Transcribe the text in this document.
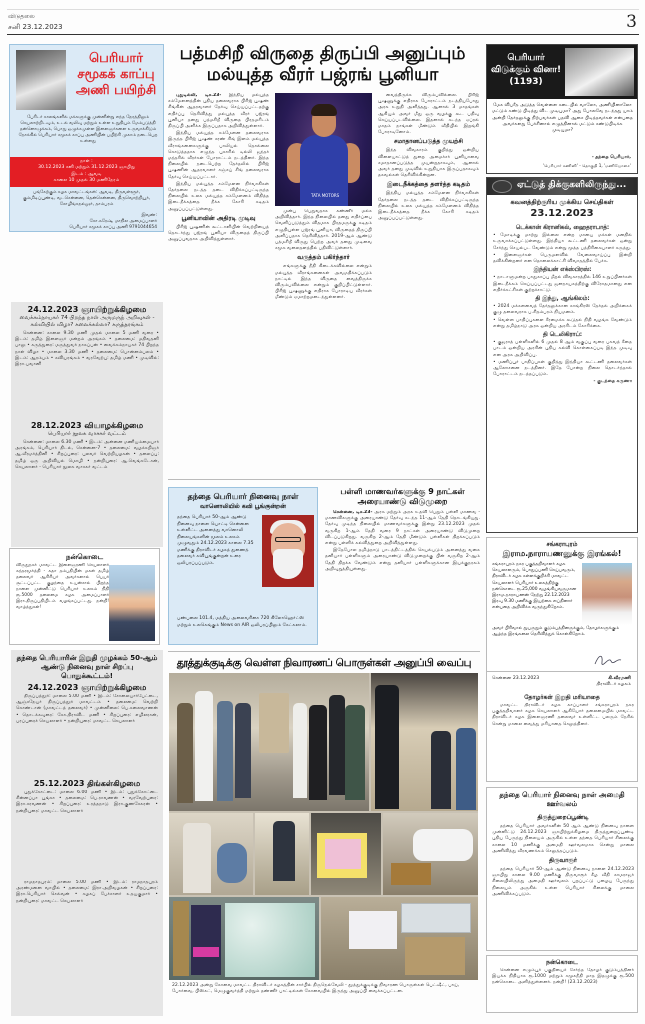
விடுதலை
சனி 23.12.2023	3
பெரியார் சமூகக் காப்பு அணி பயிற்சி
பேரிடர் காலங்களில் மக்களுக்கு முன்னின்று எந்த நேரத்திலும் செயலாற்றிடவும், உடல் வலிவு மற்றும் உள்ள உறுதியும் மேம்படுத்தி தன்னொழுக்கம், பொது ஒழுக்கமுள்ள இளைஞர்களை உருவாக்கிடும் நோக்கில் பெரியார் சமூகக் காப்பு அணியின் பயிற்சி முகாம் நடைபெற உள்ளது
நாள் :
30.12.2023 சனி மற்றும் 31.12.2023 ஞாயிறு
இடம் : ஆவடி
காலை 10 முதல் 30 மணிநேரம்
பங்கேற்கும் கழக மாவட்டங்கள்: ஆவடி, திருவள்ளூர், கும்மிடிப்பூண்டி, வடசென்னை, தென்சென்னை, திருவொற்றியூர், சோழிங்கநல்லூர், தாம்பரம்
இவண்:
சோ.சுரேஷ், மாநில அமைப்பாளர்
பெரியார் சமூகக் காப்பு அணி 9791044654
24.12.2023 ஞாயிற்றுக்கிழமை
வைக்கம்நாயகர் 74 பிறந்த நாள் அருமருந் அறிவுகள் - கல்வியில் விழா? கலைக்கல்லா? கருத்தரங்கம்

சென்னை: காலை 9.30 மணி முதல் மாலை 5 மணி வரை • இடம்: தமிழ் இளைஞர் மன்றம் அரங்கம் • தலைமை: மதிவதனி பாலு • கருத்துரை: மருத்துவர் நாகப்பன் • வைக்கம்நாயகர் 74 பிறந்த நாள் விழா • மாலை 3.30 மணி • தலைமை: பொன்னம்பலம் • இடம்: ஆரம்பம் • கவியரங்கம் • வரவேற்பு: தமிழ் மணி • முடிவில்: இரா.பவானி

28.12.2023 வியாழக்கிழமை
பெரியார் நூலக வாசகர் வட்டம்

சென்னை: மாலை 6.30 மணி • இடம்: அன்னை மணியம்மையார் அரங்கம், பெரியார் திடல், சென்னை-7 • தலைமை: வழக்கறிஞர் ஆ.வீரமர்த்தினி • சிறப்புரை: புலவர் வெற்றியழகன் • தலைப்பு: தமிழ் ஒரு அறிவியல் மொழி • நன்றியுரை: ஆ.வெங்கடேசன், செயலாளர் - பெரியார் நூலக வாசகர் வட்டம்

நன்கொடை
விருதுநகர் மாவட்ட இளைஞரணி செயலாளர் சுந்தரமூர்த்தி - சுதா தம்பதியின் மகள் தமிழ் தலைவர் ஆசிரியர் அவர்களால் பெயர் சூட்டப்பட்ட குழந்தை உயன்சால் பிறந்த நாளை முன்னிட்டு பெரியார் உலகம் நிதி ரூ.5000 தலைமை கழக அமைப்பாளர் இரா.திருப்பதியிடம் வழங்கப்பட்டது. நன்றி! வாழ்த்துகள்!
தந்தை பெரியாரின் இறுதி முழக்கம் 50-ஆம் ஆண்டு நினைவு நாள் சிறப்பு பொதுக்கூட்டம்!
24.12.2023 ஞாயிற்றுக்கிழமை

திருப்பத்தூர்: மாலை 5.00 மணி • இடம்: சோலையார்பேட்டை, ஆஞ்சநேயர் திருப்பத்தூர் மாவட்டம் • தலைமை: வெற்றி கொண்டான் (மாவட்டத் தலைவர்) • முன்னிலை: பெ.கலைவாணன் • தொடக்கவுரை: கோ.திராவிட மணி • சிறப்புரை: எழிலரசன், பரப்புரைச் செயலாளர் • நன்றியுரை: மாவட்ட செயலாளர்

25.12.2023 திங்கள்கிழமை

புதுக்கோட்டை: மாலை 6.00 மணி • இடம்: புதுக்கோட்டை சின்னப்பா பூங்கா • தலைமை: பெ.ராவணன் • வரவேற்புரை: இரா.சரவணன் • சிறப்புரை: உரத்தநாடு இரா.குணசேகரன் • நன்றியுரை: மாவட்ட செயலாளர்

ராமநாதபுரம்: மாலை 5.00 மணி • இடம்: ராமநாதபுரம் அரண்மனை வாயில் • தலைமை: இரா.அறிவழகன் • சிறப்புரை: இரா.பெரியார் செல்வன் • கழகப் பேச்சாளர் உதயகுமார் • நன்றியுரை: மாவட்ட செயலாளர்

பத்மசிறீ விருதை திருப்பி அனுப்பும் மல்யுத்த வீரர் பஜ்ரங் பூனியா

புதுடில்லி, டிச.23- இந்திய மல்யுத்த சம்மேளனத்தின் புதிய தலைவராக பிரிஜ் பூஷண் சிங்கின் ஆதரவாளர் தேர்வு செய்யப்பட்டதற்கு எதிர்ப்பு தெரிவித்து மல்யுத்த வீரர் பஜ்ரங் பூனியா தனது பத்மசிறீ விருதை பிரதமரிடம் திருப்பி அளிக்க இருப்பதாக அறிவித்துள்ளார்.

இந்திய மல்யுத்த சம்மேளன தலைவராக இருந்த பிரிஜ் பூஷண் சரண் சிங் இளம் மல்யுத்த வீராங்கனைகளுக்கு பாலியல் தொல்லை கொடுத்ததாக எழுந்த புகாரில் டில்லி ஜந்தர் மந்தரில் வீரர்கள் போராட்டம் நடத்தினர். இந்த நிலையில் நடைபெற்ற தேர்தலில் பிரிஜ் பூஷணின் ஆதரவாளர் சஞ்சய் சிங் தலைவராக தேர்வு செய்யப்பட்டார்.

இந்திய மல்யுத்த சம்மேளன நிர்வாகிகள் தேர்தலை நடத்த தடை விதிக்கப்பட்டிருந்த நிலையில் உலக மல்யுத்த சம்மேளனம் விதித்த இடைநீக்கத்தை நீக்க கோரி கடிதம் அனுப்பப்பட்டுள்ளது.

பூனியாவின் அதிரடி முடிவு

பிரிஜ் பூஷணின் கூட்டாளியின் வெற்றியைத் தொடர்ந்து பஜ்ரங் பூனியா விருதைத் திருப்பி அனுப்புவதாக அறிவித்துள்ளார்.

TATA MOTORS

முன்பு பெறுவதாக கண்ணீர் மல்க அறிவித்தார். இந்த நிலையில் தனது எதிர்ப்பை வெளிப்படுத்தும் விதமாக பிரதமருக்கு கடிதம் எழுதியுள்ள பஜ்ரங் பூனியா, விருதைத் திருப்பி அளிப்பதாக தெரிவித்தார். 2019-ஆம் ஆண்டு பத்மசிறீ விருது பெற்ற அவர் தனது முடிவை சமூக வலைதளத்தில் பதிவிட்டுள்ளார்.

வருத்தம் பகிர்ந்தார்

எங்களுக்கு நீதி கிடைக்கவில்லை என்றும் மல்யுத்த வீராங்கனைகள் அவமதிக்கப்படும் நாட்டில் இந்த விருதை வைத்திருக்க விரும்பவில்லை என்றும் குறிப்பிட்டுள்ளார். பிரிஜ் பூஷணுக்கு எதிராக போராடிய வீரர்கள் மீண்டும் ஏமாற்றமடைந்துள்ளனர்.

வைத்திருக்க விரும்பவில்லை. பிரிஜ் பூஷணுக்கு எதிராக போராட்டம் நடத்தியபோது அரசு உறுதி அளித்தது. ஆனால் 3 மாதங்கள் ஆகியும் அவர் மீது ஒரு வழக்கு கூட பதிவு செய்யப்படவில்லை. இதனால் கடந்த ஏப்ரல் மாதம் நாங்கள் மீண்டும் வீதியில் இறங்கி போராடினோம்.

சமாதானப்படுத்த முயற்சி

இந்த விவகாரம் குறித்து ஒன்றிய விளையாட்டுத் துறை அமைச்சர் பூனியாவை சமாதானப்படுத்த முயன்றதாகவும், ஆனால் அவர் தனது முடிவில் உறுதியாக இருப்பதாகவும் தகவல்கள் தெரிவிக்கின்றன.

இடைநீக்கத்தை தளர்த்த கடிதம்

இந்திய மல்யுத்த சம்மேளன நிர்வாகிகள் தேர்தலை நடத்த தடை விதிக்கப்பட்டிருந்த நிலையில் உலக மல்யுத்த சம்மேளனம் விதித்த இடைநீக்கத்தை நீக்க கோரி கடிதம் அனுப்பப்பட்டுள்ளது.

தந்தை பெரியார் நினைவு நாள்
வானொலியில் கவி பூங்குன்றன்
தந்தை பெரியார் 50-ஆம் ஆண்டு நினைவு நாளை யொட்டி சென்னை உள்ளிட்ட அனைத்து வானொலி நிலையங்களின் மூலம் உலகம் முழுவதும் 24.12.2023 காலை 7.35 மணிக்கு திராவிடர் கழகத் துணைத் தலைவர் கவிபூங்குன்றன் உரை ஒலிபரப்பப்படும்.
பண்பலை 101.4, மத்திய அலைவரிசை 720 கிலோஹெர்ட்ஸ் மற்றும் உலகெங்கும் News on AIR ஒலிபரப்பிலும் கேட்கலாம்.
பள்ளி மாணவர்களுக்கு 9 நாட்கள் அரையாண்டு விடுமுறை

சென்னை, டிச.23- அரசு மற்றும் அரசு உதவி பெறும் பள்ளி மாணவ - மாணவிகளுக்கு அரையாண்டு தேர்வு கடந்த 11-ஆம் தேதி தொடங்கியது. தேர்வு முடிந்த நிலையில் மாணவர்களுக்கு இன்று 23.12.2023 முதல் வருகிற 1-ஆம் தேதி வரை 9 நாட்கள் அரையாண்டு விடுமுறை விடப்படுகிறது. வருகிற 2-ஆம் தேதி மீண்டும் பள்ளிகள் திறக்கப்படும் என்று பள்ளிக் கல்வித்துறை அறிவித்துள்ளது.

இதேபோல தமிழ்நாடு பாடத்திட்டத்தில் செயல்படும் அனைத்து வகை தனியார் பள்ளிகளும் அரையாண்டு விடுமுறைக்கு பின் வருகிற 2-ஆம் தேதி திறக்க வேண்டும் என்று தனியார் பள்ளிகளுக்கான இயக்குநரகம் அறிவுறுத்தியுள்ளது.

தூத்துக்குடிக்கு வெள்ள நிவாரணப் பொருள்கள் அனுப்பி வைப்பு
22.12.2023 அன்று கோவை மாவட்ட திராவிடர் கழகத்தின் சார்பில் திருநெல்வேலி - தூத்துக்குடிக்கு நிவாரண பொருள்கள் பெட்ஷீட், பாய், போர்வை, பிஸ்கட், மெழுகுவர்த்தி மற்றும் தண்ணீர் பாட்டில்கள் கோவையில் இருந்து அனுப்பி வைக்கப்பட்டன.
பெரியார் விடுக்கும் வினா! (1193)
மேக விபரீத அடுத்த வெள்ளை கடையில் வாலோ, அணியினாலோ மட்டும் கண்டு பிடித்து விட முடியுமா? அது போலவே நடந்தது யாம் அன்றி தேர்தலுக்கு நிற்பவர்கள் பதவி ஆசை பிடித்தவர்கள் என்பதை அவர்களது பேச்சினால் எழுத்தினால் மட்டும் கண்டுபிடிக்க முடியுமா?
- தந்தை பெரியார்,
'பெரியார் கணினி' - தொகுதி 1, 'மணியோசை'
ஏட்டுத் திக்குகளிலிருந்து...
கவனத்திற்குரிய முக்கிய செய்திகள்
23.12.2023
டெக்கான் கிரானிகல், ஹைதராபாத்:

• மோடிக்கு மாற்று இல்லை என்ற மாயை மக்கள் மனதில் உருவாக்கப்பட்டுள்ளது. இந்தியா கூட்டணி தலைவர்கள் ஒன்று சேர்ந்து செயல்பட வேண்டும் என்று மூத்த பத்திரிகையாளர் கருத்து.

• இளைஞர்கள் பெருமளவில் வேலைவாய்ப்பு இன்றி தவிக்கின்றனர் என தொலைக்காட்சி விவாதத்தில் பேச்சு.

இந்தியன் எக்ஸ்பிரஸ்:

• நாடாளுமன்ற பாதுகாப்பு மீறல் விவகாரத்தில் 146 உறுப்பினர்கள் இடைநீக்கம் செய்யப்பட்டது ஜனநாயகத்திற்கு விரோதமானது என எதிர்க்கட்சிகள் குற்றச்சாட்டு.

தி இந்து, ஆங்கிலம்:

• 2024 மக்களவைத் தேர்தலுக்கான காங்கிரஸ் தேர்தல் அறிக்கைக் குழு தலைவராக ப.சிதம்பரம் நியமனம்.

• வெள்ள பாதிப்புகளை சீரமைக்க கூடுதல் நிதி வழங்க வேண்டும் என்று தமிழ்நாடு அரசு ஒன்றிய அரசிடம் கோரிக்கை.

தி டெலிகிராப்:

• குஜராத் பள்ளிகளில் 6 முதல் 8 ஆம் வகுப்பு வரை பகவத் கீதை பாடம் ஒன்றிய அரசின் புதிய கல்வி கொள்கைப்படி இந்த முடிவு என அரசு அறிவிப்பு.

• மணிப்பூர் பாதிப்புகள் குறித்து இந்தியா கூட்டணி தலைவர்கள் ஆலோசனை நடத்தினர். இதே போன்ற நிலை தொடர்ந்தால் போராட்டம் நடத்தப்படும்.

- குடந்தை கருணா

சங்கராபுரம்
இராம.நாராயணனுக்கு இரங்கல்!
சங்கராபுரம் நகர பகுத்தறிவாளர் கழக செயலாளரும், பொதுப்பணி செய்பவரும், திராவிடர் கழக கள்ளக்குறிச்சி மாவட்ட செயலாளர் பெரியார் உலகத்திற்கு நன்கொடை ரூ.25,000 வழங்கியவருமான இராம.நாராயணன் நேற்று 22.12.2023 இரவு 9.30 மணிக்கு இயற்கை எய்தினார் என்பதை அறிவிக்க வருந்துகிறோம்.
அவர் பிரிவால் துயருறும் குடும்பத்தினருக்கும், தோழர்களுக்கும் ஆழ்ந்த இரங்கலை தெரிவித்துக் கொள்கிறோம்.
சென்னை 23.12.2023	கி.வீரமணி
திராவிடர் கழகம்
தோழர்கள் இறுதி மரியாதை

மாவட்ட திராவிடர் கழக காப்பாளர் சங்கராபுரம் நகர பகுத்தறிவாளர் கழக செயலாளர் ஆகியோர் தலைமையில் மாவட்ட திராவிடர் கழக இளைஞரணி தலைவர் உள்ளிட்ட பலரும் நேரில் சென்று மாலை வைத்து மரியாதை செலுத்தினர்.

தந்தை பெரியார் நினைவு நாள் அமைதி ஊர்வலம்
திருத்துறைப்பூண்டி

தந்தை பெரியார் அவர்களின் 50 ஆம் ஆண்டு நினைவு நாளை முன்னிட்டு 24.12.2023 ஞாயிற்றுக்கிழமை திருத்துறைப்பூண்டி புதிய பேருந்து நிலையம் அருகில் உள்ள தந்தை பெரியார் சிலைக்கு காலை 10 மணிக்கு அமைதி ஊர்வலமாக சென்று மாலை அணிவித்து வீரவணக்கம் செலுத்தப்படும்.

திருவாரூர்

தந்தை பெரியார் 50-ஆம் ஆண்டு நினைவு நாளை 24.12.2023 ஞாயிறு காலை 9.00 மணிக்கு திருவாரூர் கீழ வீதி காமராஜர் சிலையிலிருந்து அமைதி ஊர்வலம் புறப்பட்டு பழைய பேருந்து நிலையம் அருகில் உள்ள பெரியார் சிலைக்கு மாலை அணிவிக்கப்படும்.

நன்கொடை

சென்னை எழும்பூர் பகுதியைச் சேர்ந்த தோழர் குடும்பத்தினர் இயக்க நிதியாக ரூ.1000 மற்றும் சமூகநீதி மாத இதழுக்கு ரூ.500 நன்கொடை அளித்துள்ளனர். நன்றி! (23.12.2023)
